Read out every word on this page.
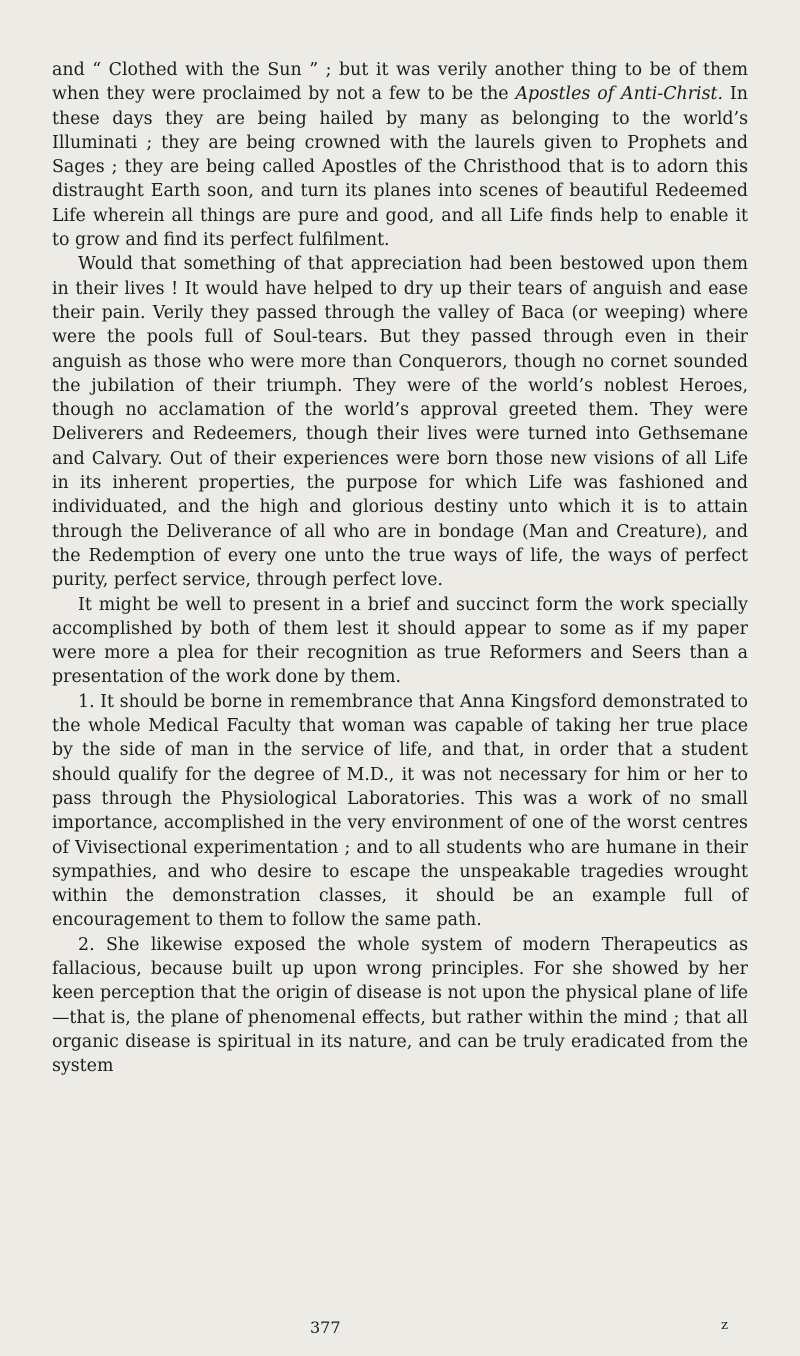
and “ Clothed with the Sun ” ; but it was verily another thing to be of them when they were proclaimed by not a few to be the Apostles of Anti-Christ. In these days they are being hailed by many as belonging to the world’s Illuminati ; they are being crowned with the laurels given to Prophets and Sages ; they are being called Apostles of the Christhood that is to adorn this distraught Earth soon, and turn its planes into scenes of beautiful Redeemed Life wherein all things are pure and good, and all Life finds help to enable it to grow and find its perfect fulfilment.

Would that something of that appreciation had been bestowed upon them in their lives ! It would have helped to dry up their tears of anguish and ease their pain. Verily they passed through the valley of Baca (or weeping) where were the pools full of Soul-tears. But they passed through even in their anguish as those who were more than Conquerors, though no cornet sounded the jubilation of their triumph. They were of the world’s noblest Heroes, though no acclamation of the world’s approval greeted them. They were Deliverers and Redeemers, though their lives were turned into Gethsemane and Calvary. Out of their experiences were born those new visions of all Life in its inherent properties, the purpose for which Life was fashioned and individuated, and the high and glorious destiny unto which it is to attain through the Deliverance of all who are in bondage (Man and Creature), and the Redemption of every one unto the true ways of life, the ways of perfect purity, perfect service, through perfect love.

It might be well to present in a brief and succinct form the work specially accomplished by both of them lest it should appear to some as if my paper were more a plea for their recognition as true Reformers and Seers than a presentation of the work done by them.

1. It should be borne in remembrance that Anna Kingsford demonstrated to the whole Medical Faculty that woman was capable of taking her true place by the side of man in the service of life, and that, in order that a student should qualify for the degree of M.D., it was not necessary for him or her to pass through the Physiological Laboratories. This was a work of no small importance, accomplished in the very environment of one of the worst centres of Vivisectional experimentation ; and to all students who are humane in their sympathies, and who desire to escape the unspeakable tragedies wrought within the demonstration classes, it should be an example full of encouragement to them to follow the same path.

2. She likewise exposed the whole system of modern Therapeutics as fallacious, because built up upon wrong principles. For she showed by her keen perception that the origin of disease is not upon the physical plane of life—that is, the plane of phenomenal effects, but rather within the mind ; that all organic disease is spiritual in its nature, and can be truly eradicated from the system

377	z
